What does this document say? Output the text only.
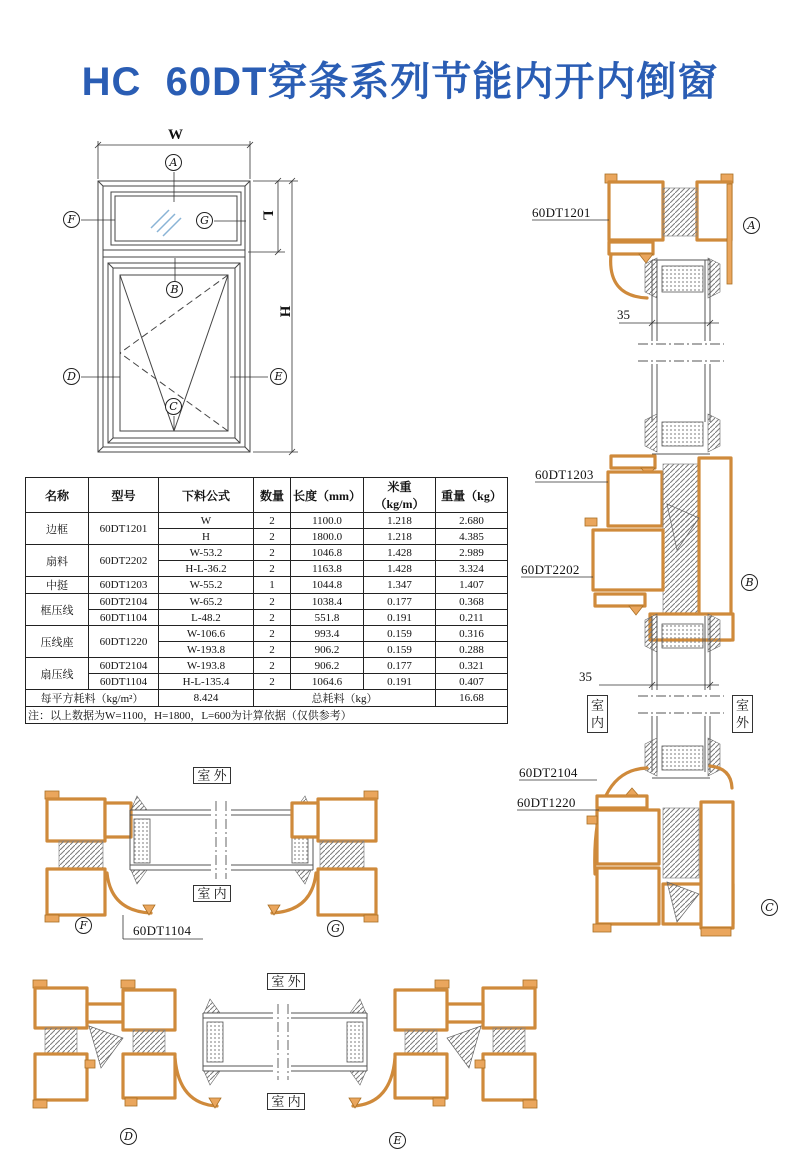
HC  60DT穿条系列节能内开内倒窗
W
L
H
A
F	G
B
D	E
C
60DT1201
60DT1203
60DT2202
60DT2104
60DT1220
35
35
A
B
C
室内
室外
名称	型号	下料公式	数量	长度（mm）	米重（kg/m）	重量（kg）
边框	60DT1201	W	2	1100.0	1.218	2.680
		H	2	1800.0	1.218	4.385
扇料	60DT2202	W-53.2	2	1046.8	1.428	2.989
		H-L-36.2	2	1163.8	1.428	3.324
中挺	60DT1203	W-55.2	1	1044.8	1.347	1.407
框压线	60DT2104	W-65.2	2	1038.4	0.177	0.368
	60DT1104	L-48.2	2	551.8	0.191	0.211
压线座	60DT1220	W-106.6	2	993.4	0.159	0.316
		W-193.8	2	906.2	0.159	0.288
扇压线	60DT2104	W-193.8	2	906.2	0.177	0.321
	60DT1104	H-L-135.4	2	1064.6	0.191	0.407
每平方耗料（kg/m²）		8.424	总耗料（kg）			16.68
注：以上数据为W=1100，H=1800，L=600为计算依据（仅供参考）						
室 外
室 内
60DT1104
F	G
室 外
室 内
D	E
